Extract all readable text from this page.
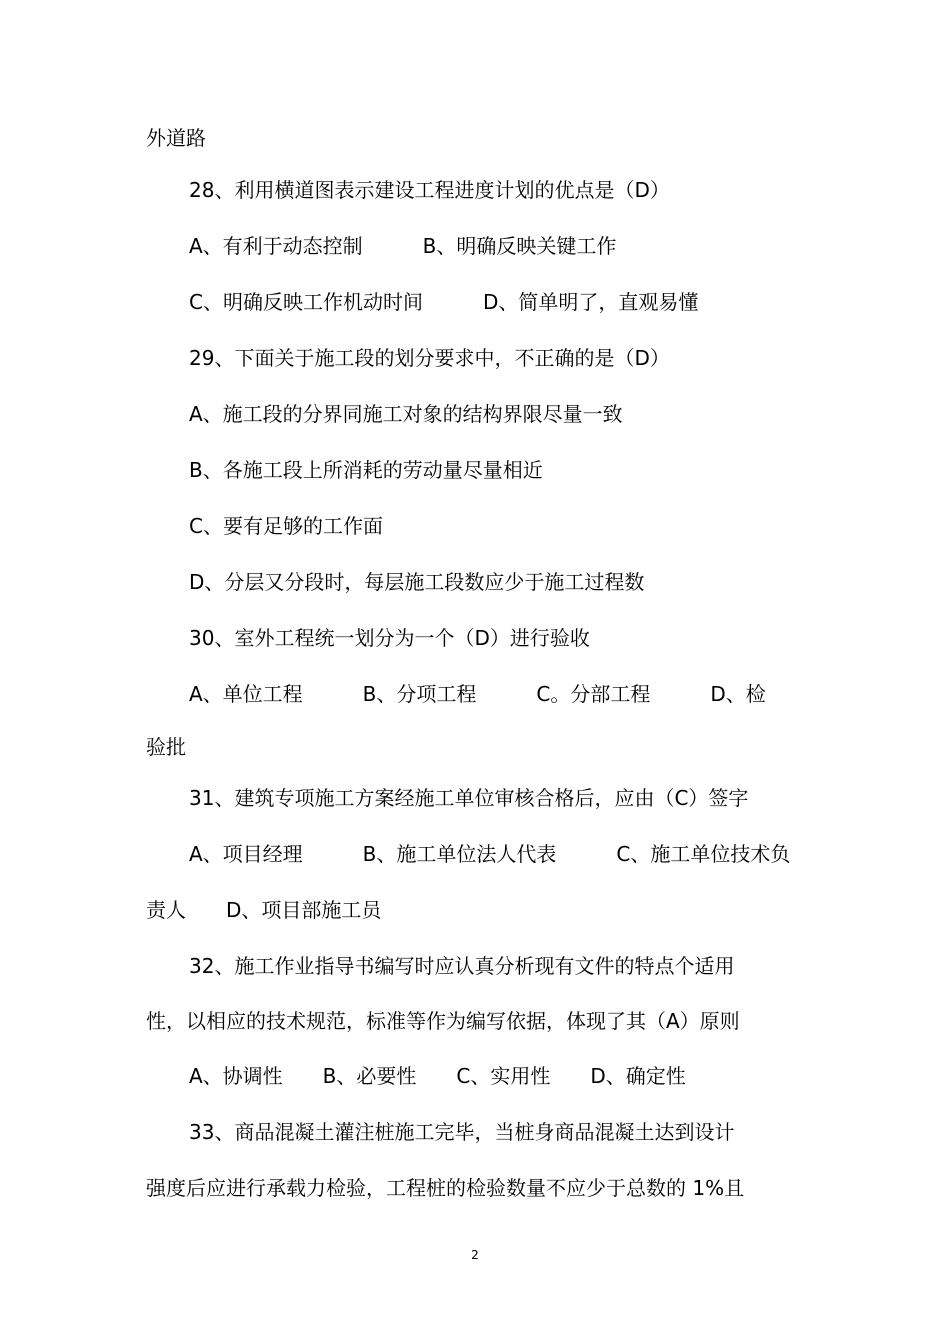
外道路
28、利用横道图表示建设工程进度计划的优点是（D）
A、有利于动态控制　　　B、明确反映关键工作
C、明确反映工作机动时间　　　D、简单明了，直观易懂
29、下面关于施工段的划分要求中，不正确的是（D）
A、施工段的分界同施工对象的结构界限尽量一致
B、各施工段上所消耗的劳动量尽量相近
C、要有足够的工作面
D、分层又分段时，每层施工段数应少于施工过程数
30、室外工程统一划分为一个（D）进行验收
A、单位工程　　　B、分项工程　　　C。分部工程　　　D、检
验批
31、建筑专项施工方案经施工单位审核合格后，应由（C）签字
A、项目经理　　　B、施工单位法人代表　　　C、施工单位技术负
责人　　D、项目部施工员
32、施工作业指导书编写时应认真分析现有文件的特点个适用
性，以相应的技术规范，标准等作为编写依据，体现了其（A）原则
A、协调性　　B、必要性　　C、实用性　　D、确定性
33、商品混凝土灌注桩施工完毕，当桩身商品混凝土达到设计
强度后应进行承载力检验，工程桩的检验数量不应少于总数的 1%且
2
